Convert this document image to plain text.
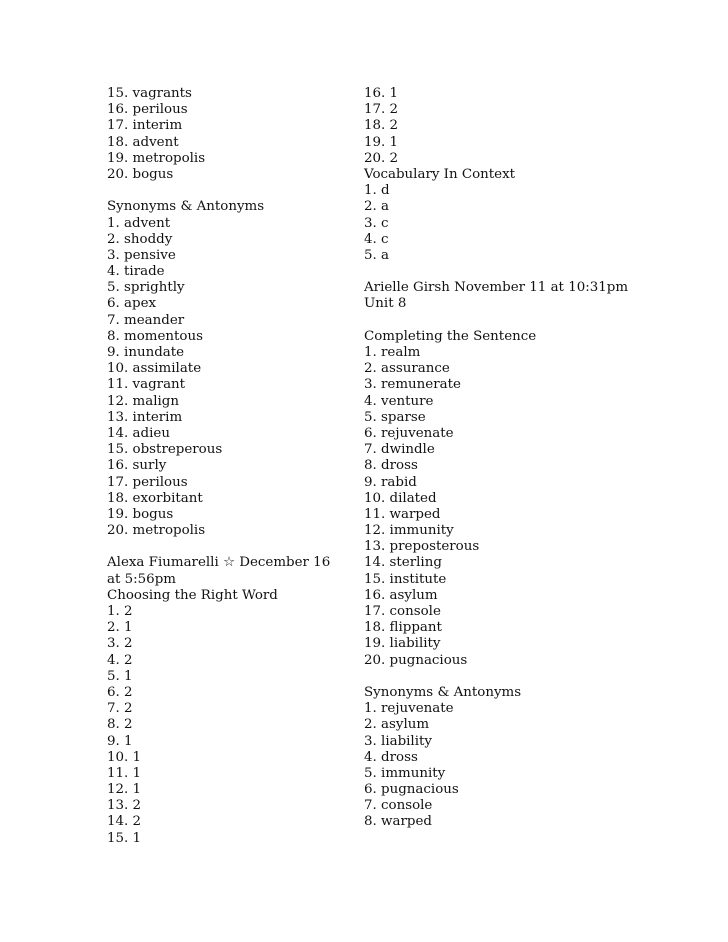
15. vagrants
16. perilous
17. interim
18. advent
19. metropolis
20. bogus
Synonyms & Antonyms
1. advent
2. shoddy
3. pensive
4. tirade
5. sprightly
6. apex
7. meander
8. momentous
9. inundate
10. assimilate
11. vagrant
12. malign
13. interim
14. adieu
15. obstreperous
16. surly
17. perilous
18. exorbitant
19. bogus
20. metropolis
Alexa Fiumarelli ☆ December 16 at 5:56pm
Choosing the Right Word
1. 2
2. 1
3. 2
4. 2
5. 1
6. 2
7. 2
8. 2
9. 1
10. 1
11. 1
12. 1
13. 2
14. 2
15. 1
16. 1
17. 2
18. 2
19. 1
20. 2
Vocabulary In Context
1. d
2. a
3. c
4. c
5. a
Arielle Girsh November 11 at 10:31pm
Unit 8
Completing the Sentence
1. realm
2. assurance
3. remunerate
4. venture
5. sparse
6. rejuvenate
7. dwindle
8. dross
9. rabid
10. dilated
11. warped
12. immunity
13. preposterous
14. sterling
15. institute
16. asylum
17. console
18. flippant
19. liability
20. pugnacious
Synonyms & Antonyms
1. rejuvenate
2. asylum
3. liability
4. dross
5. immunity
6. pugnacious
7. console
8. warped
